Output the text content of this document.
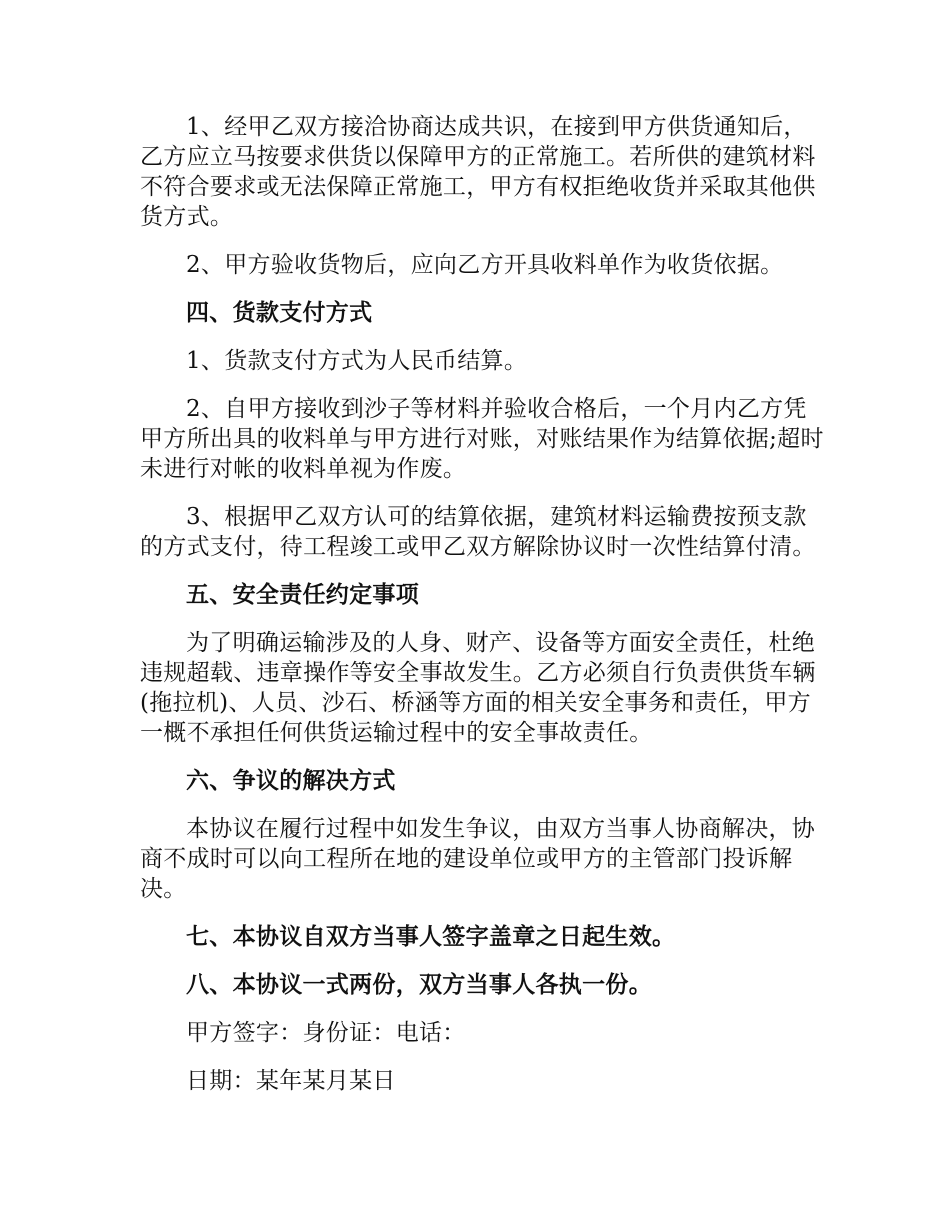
1、经甲乙双方接洽协商达成共识，在接到甲方供货通知后，乙方应立马按要求供货以保障甲方的正常施工。若所供的建筑材料不符合要求或无法保障正常施工，甲方有权拒绝收货并采取其他供货方式。

2、甲方验收货物后，应向乙方开具收料单作为收货依据。

四、货款支付方式

1、货款支付方式为人民币结算。

2、自甲方接收到沙子等材料并验收合格后，一个月内乙方凭甲方所出具的收料单与甲方进行对账，对账结果作为结算依据;超时未进行对帐的收料单视为作废。

3、根据甲乙双方认可的结算依据，建筑材料运输费按预支款的方式支付，待工程竣工或甲乙双方解除协议时一次性结算付清。

五、安全责任约定事项

为了明确运输涉及的人身、财产、设备等方面安全责任，杜绝违规超载、违章操作等安全事故发生。乙方必须自行负责供货车辆(拖拉机)、人员、沙石、桥涵等方面的相关安全事务和责任，甲方一概不承担任何供货运输过程中的安全事故责任。

六、争议的解决方式

本协议在履行过程中如发生争议，由双方当事人协商解决，协商不成时可以向工程所在地的建设单位或甲方的主管部门投诉解决。

七、本协议自双方当事人签字盖章之日起生效。

八、本协议一式两份，双方当事人各执一份。

甲方签字：身份证：电话：

日期：某年某月某日
